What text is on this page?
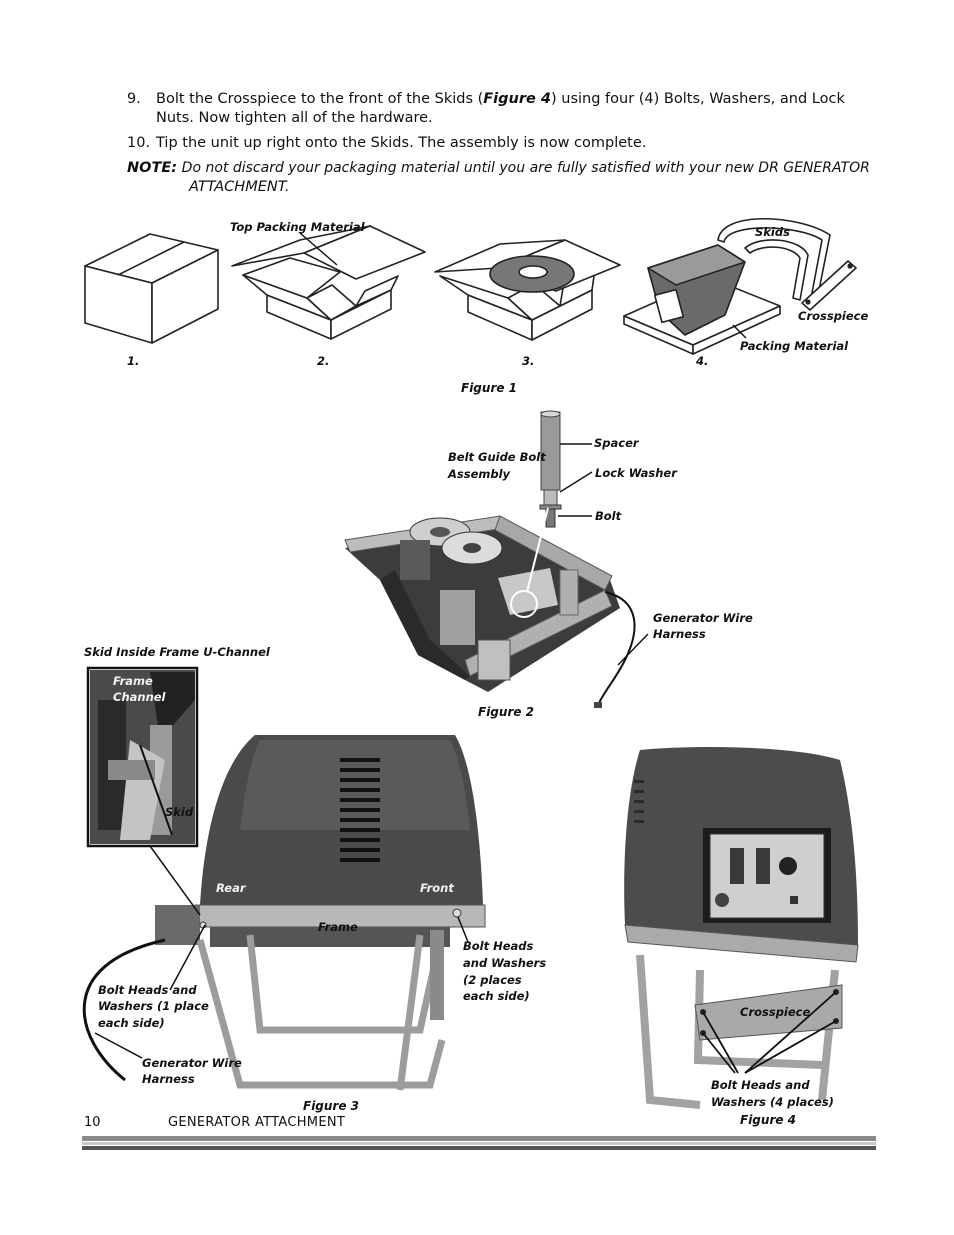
9. Bolt the Crosspiece to the front of the Skids (Figure 4) using four (4) Bolts, Washers, and Lock
Nuts. Now tighten all of the hardware.
10. Tip the unit up right onto the Skids. The assembly is now complete.
NOTE: Do not discard your packaging material until you are fully satisfied with your new DR GENERATOR
ATTACHMENT.
Top Packing Material	Skids
Crosspiece
Packing Material
1.	2.	3.	4.
Figure 1
Spacer
Belt Guide Bolt
Assembly	Lock Washer
Bolt
Generator Wire
Harness
Figure 2
Skid Inside Frame U-Channel
Frame
Channel
Skid
Rear	Front
Frame
Bolt Heads
and Washers
(2 places
each side)
Bolt Heads and
Washers (1 place
each side)
Generator Wire
Harness
Figure 3
Crosspiece
Bolt Heads and
Washers (4 places)
Figure 4
10	GENERATOR ATTACHMENT
